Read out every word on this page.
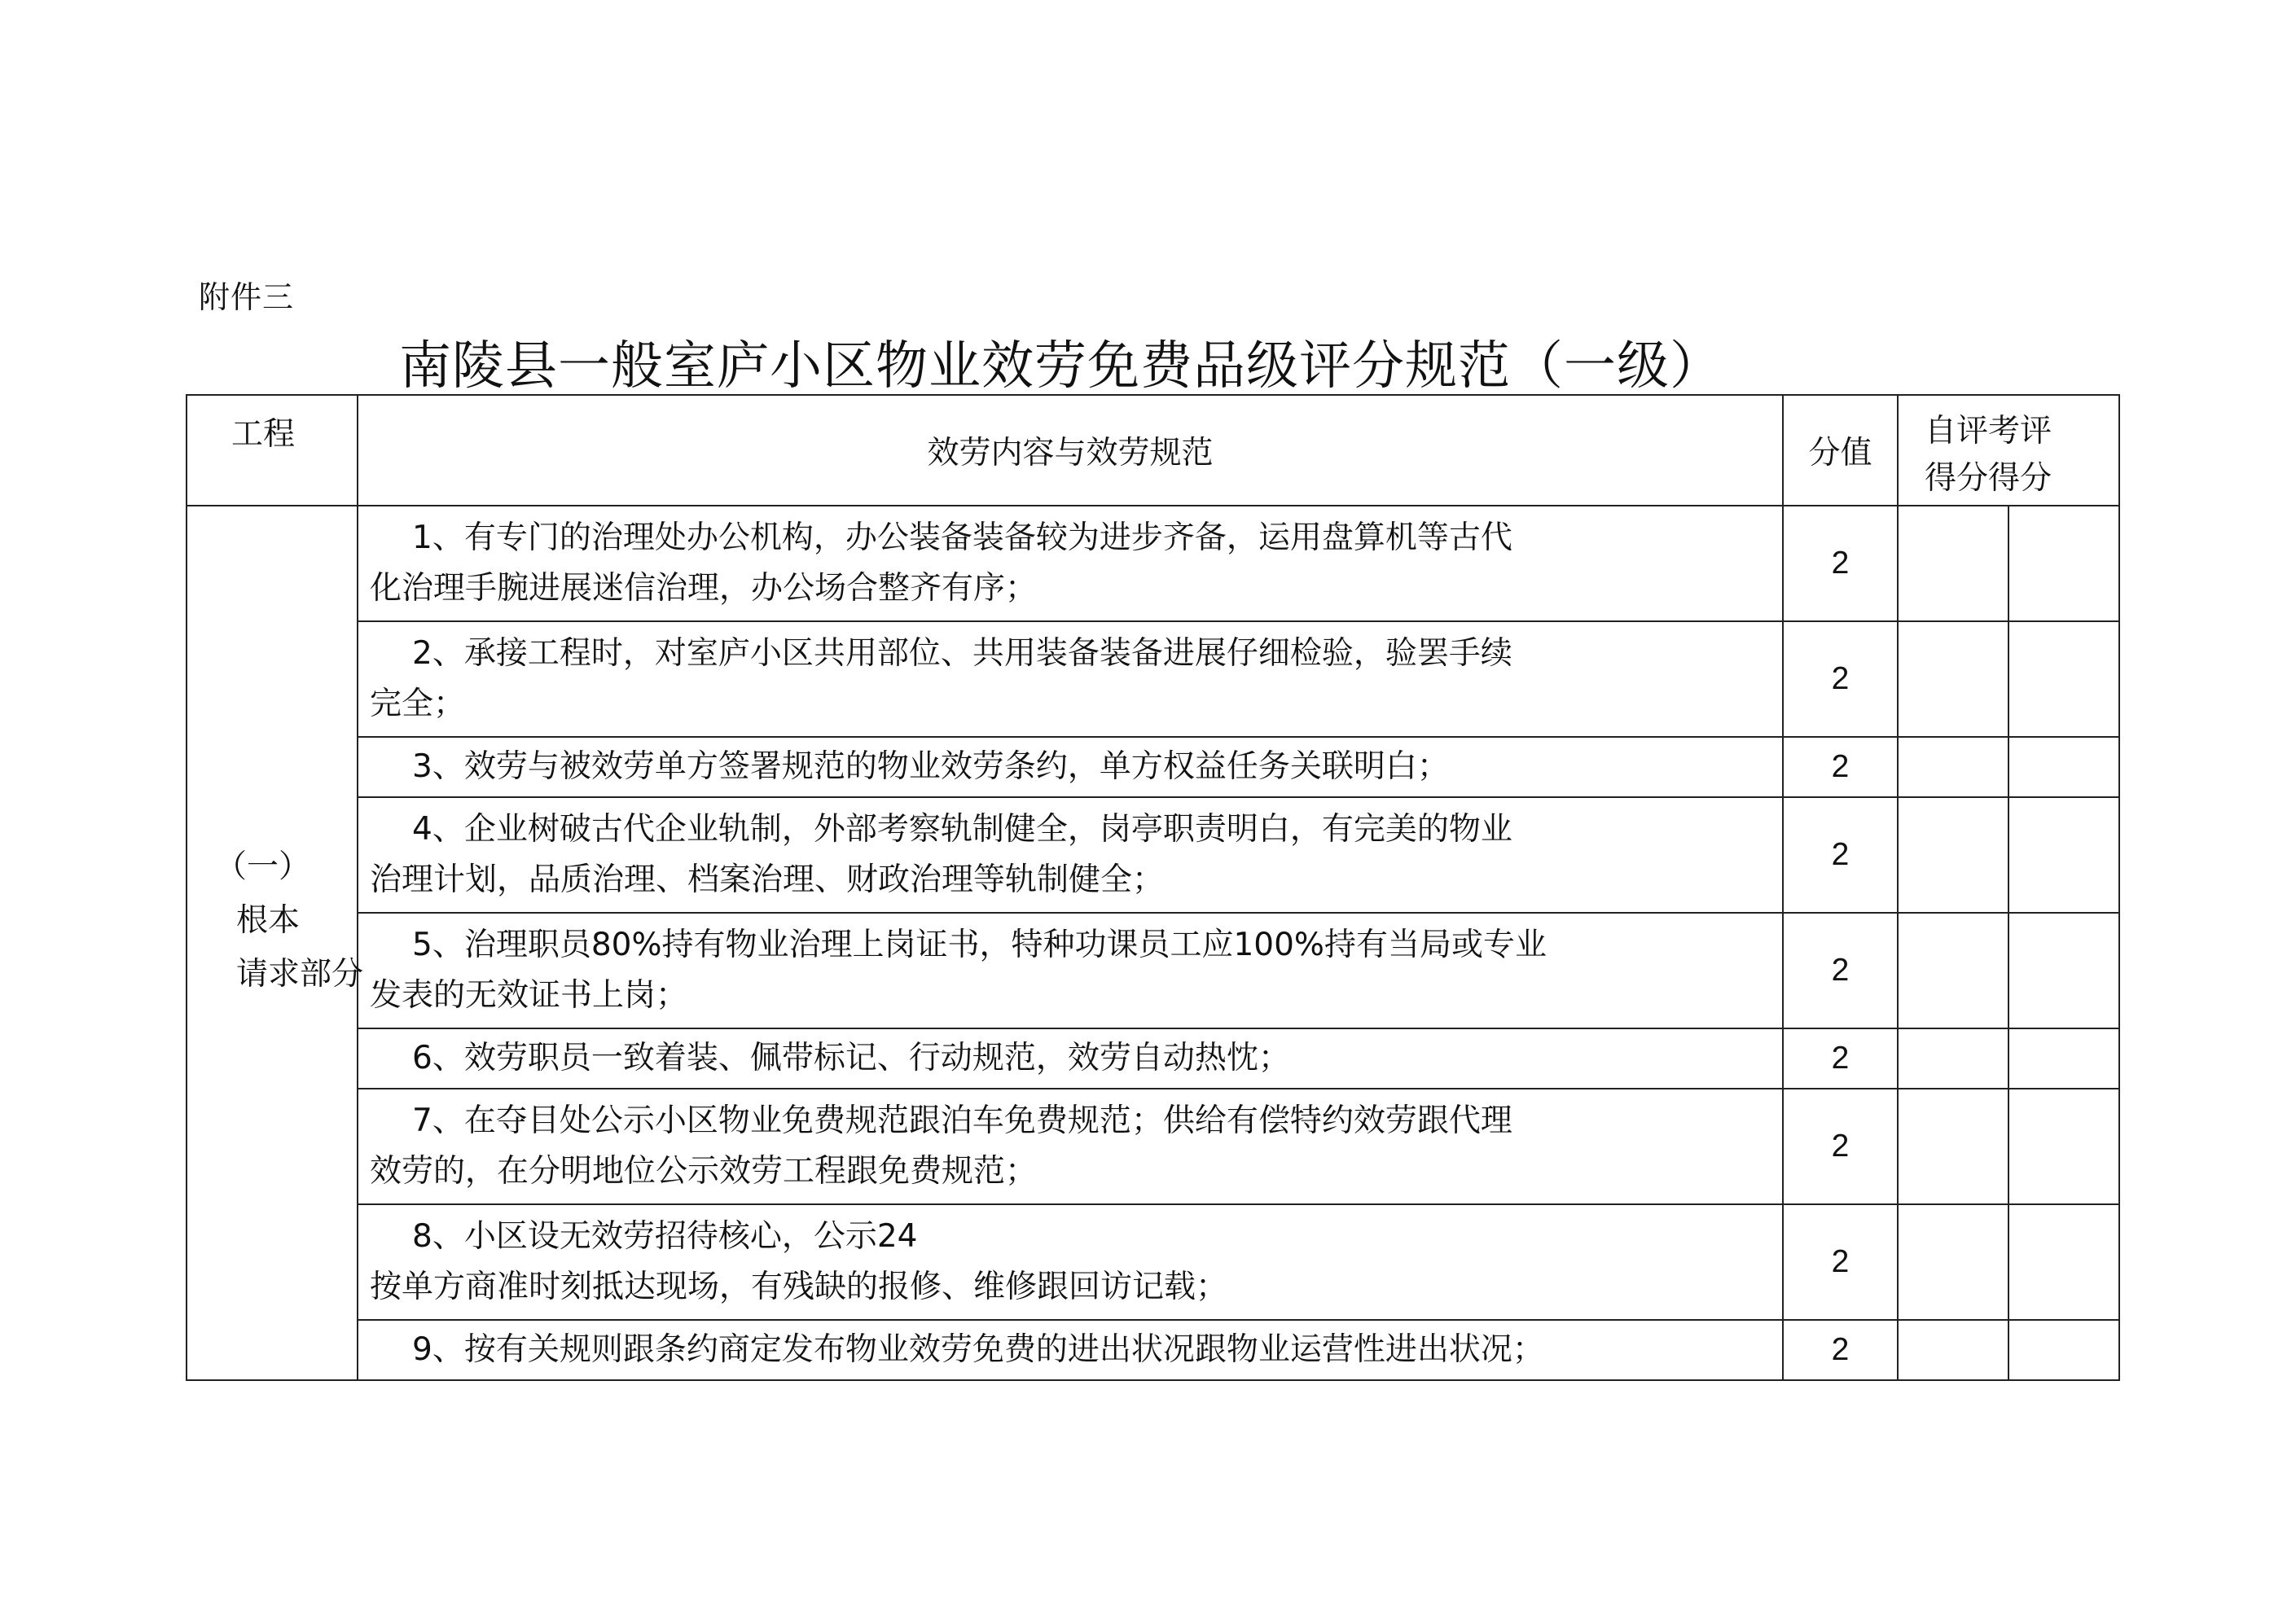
附件三
南陵县一般室庐小区物业效劳免费品级评分规范（一级）
工程	效劳内容与效劳规范	分值	自评考评
得分得分	

（一）
根本
请求部分	1、有专门的治理处办公机构，办公装备装备较为进步齐备，运用盘算机等古代
化治理手腕进展迷信治理，办公场合整齐有序；	2		
	2、承接工程时，对室庐小区共用部位、共用装备装备进展仔细检验，验罢手续
完全；	2		
	3、效劳与被效劳单方签署规范的物业效劳条约，单方权益任务关联明白；	2		
	4、企业树破古代企业轨制，外部考察轨制健全，岗亭职责明白，有完美的物业
治理计划，品质治理、档案治理、财政治理等轨制健全；	2		
	5、治理职员80%持有物业治理上岗证书，特种功课员工应100%持有当局或专业
发表的无效证书上岗；	2		
	6、效劳职员一致着装、佩带标记、行动规范，效劳自动热忱；	2		
	7、在夺目处公示小区物业免费规范跟泊车免费规范；供给有偿特约效劳跟代理
效劳的，在分明地位公示效劳工程跟免费规范；	2		
	8、小区设无效劳招待核心，公示24
按单方商准时刻抵达现场，有残缺的报修、维修跟回访记载；	2		
	9、按有关规则跟条约商定发布物业效劳免费的进出状况跟物业运营性进出状况；	2		
